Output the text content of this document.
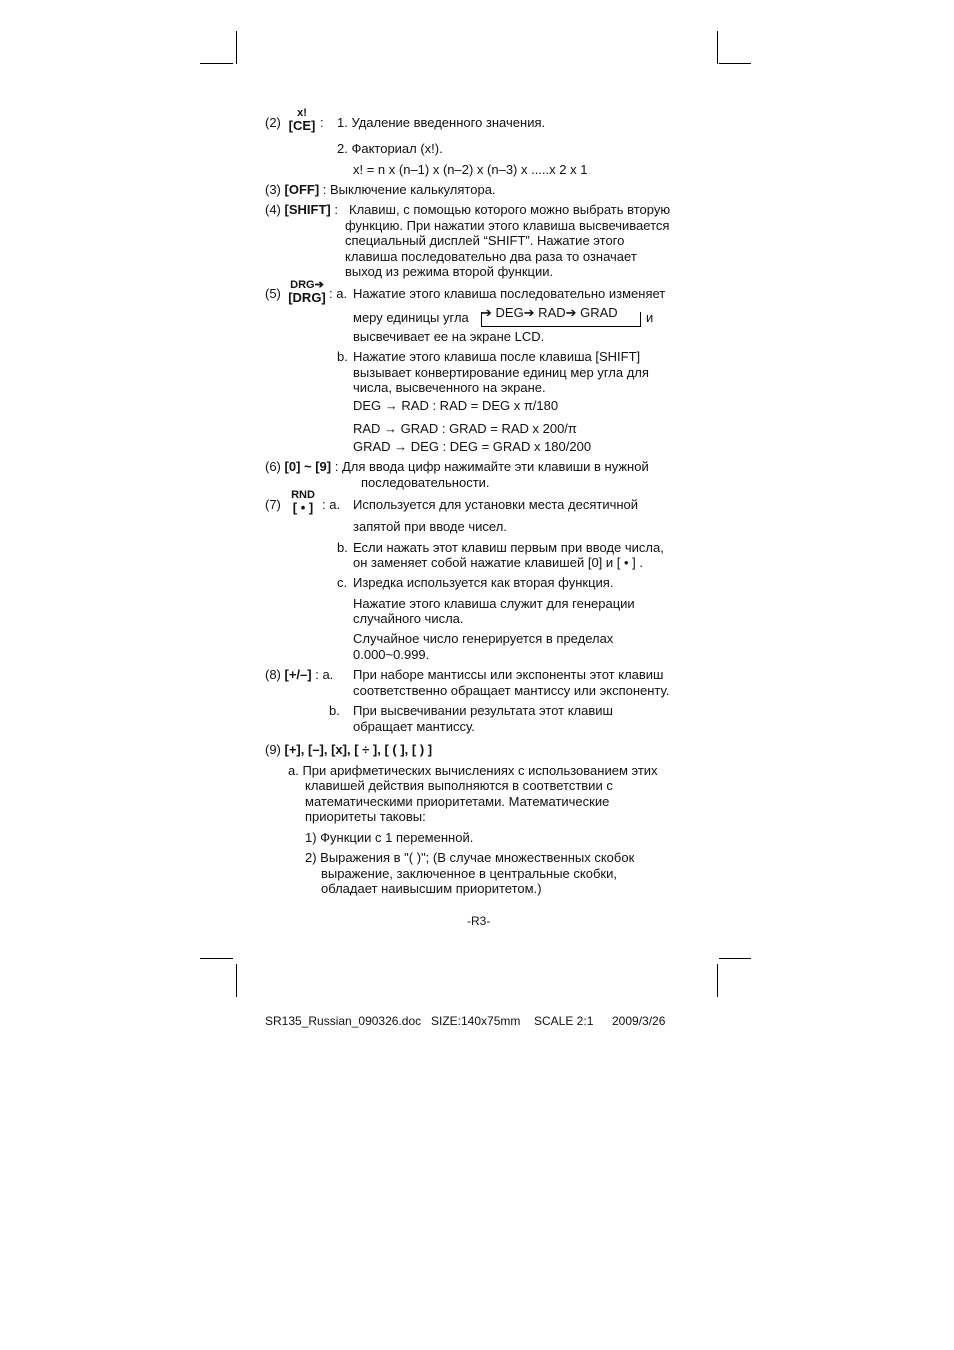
(2)
x!
[CE] : 1. Удаление введенного значения.
2. Факториал (x!).
x! = n x (n–1) x (n–2) x (n–3) x .....x 2 x 1
(3) [OFF] : Выключение калькулятора.
(4) [SHIFT] : Клавиш, с помощью которого можно выбрать вторую
функцию. При нажатии этого клавиша высвечивается
специальный дисплей “SHIFT”. Нажатие этого
клавиша последовательно два раза то означает
выход из режима второй функции.
(5)
DRG➔
[DRG] : a. Нажатие этого клавиша последовательно изменяет
меру единицы угла ➔ DEG➔ RAD➔ GRAD и
высвечивает ее на экране LCD.
b. Нажатие этого клавиша после клавиша [SHIFT]
вызывает конвертирование единиц мер угла для
числа, высвеченного на экране.
DEG → RAD : RAD = DEG x π/180
RAD → GRAD : GRAD = RAD x 200/π
GRAD → DEG : DEG = GRAD x 180/200
(6) [0] ~ [9] : Для ввода цифр нажимайте эти клавиши в нужной
последовательности.
(7)
RND
[ • ] : a. Используется для установки места десятичной
запятой при вводе чисел.
b. Если нажать этот клавиш первым при вводе числа,
он заменяет собой нажатие клавишей [0] и [ • ] .
c. Изредка используется как вторая функция.
Нажатие этого клавиша служит для генерации
случайного числа.
Случайное число генерируется в пределах
0.000~0.999.
(8) [+/–] : a. При наборе мантиссы или экспоненты этот клавиш
соответственно обращает мантиссу или экспоненту.
b. При высвечивании результата этот клавиш
обращает мантиссу.
(9) [+], [–], [x], [ ÷ ], [ ( ], [ ) ]
a. При арифметических вычислениях с использованием этих
клавишей действия выполняются в соответствии с
математическими приоритетами. Математические
приоритеты таковы:
1) Функции с 1 переменной.
2) Выражения в "( )"; (В случае множественных скобок
выражение, заключенное в центральные скобки,
обладает наивысшим приоритетом.)
-R3-
SR135_Russian_090326.doc SIZE:140x75mm SCALE 2:1 2009/3/26
